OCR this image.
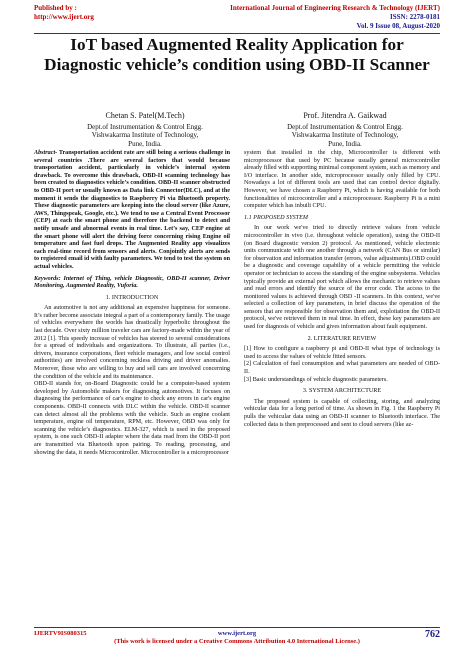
Published by :
http://www.ijert.org
International Journal of Engineering Research & Technology (IJERT)
ISSN: 2278-0181
Vol. 9 Issue 08, August-2020
IoT based Augmented Reality Application for Diagnostic vehicle’s condition using OBD-II Scanner
Chetan S. Patel(M.Tech)
Dept.of Instrumentation & Control Engg.
Vishwakarma Institute of Technology,
Pune, India.
Prof. Jitendra A. Gaikwad
Dept.of Instrumentation & Control Engg.
Vishwakarma Institute of Technology,
Pune, India.

Abstract- Transportation accident rate are still being a serious challenge in several countries .There are several factors that would because transportation accident, particularly in vehicle’s internal system drawback. To overcome this drawback, OBD-II scanning technology has been created to diagnostics vehicle’s condition. OBD-II scanner obstructed to OBD-II port or usually known as Data link Connector(DLC), and at the moment it sends the diagnostics to Raspberry Pi via Bluetooth property. These diagnostic parameters are keeping into the cloud server (like Azure, AWS, Thingspeak, Google, etc.). We tend to use a Central Event Processor (CEP) at each the smart phone and therefore the backend to detect and notify unsafe and abnormal events in real time. Let’s say, CEP engine at the smart phone will alert the driving force concerning rising Engine oil temperature and fast fuel drops. The Augmented Reality app visualizes each real-time record from sensors and alerts. Conjointly alerts are sends to registered email id with faulty parameters. We tend to test the system on actual vehicles.

Keywords: Internet of Thing, vehicle Diagnostic, OBD-II scanner, Driver Monitoring, Augmented Reality, Vuforia.

1. INTRODUCTION

An automotive is not any additional an expensive happiness for someone. It’s rather become associate integral a part of a contemporary family. The usage of vehicles everywhere the worlds has drastically hyperbolic throughout the last decade. Over sixty million traveler cars are factory-made within the year of 2012 [1]. This speedy increase of vehicles has steered to several considerations for a spread of individuals and organizations. To illustrate, all parties (i.e., drivers, insurance corporations, fleet vehicle managers, and low social control authorities) are involved concerning reckless driving and driver anomalies. Moreover, those who are willing to buy and sell cars are involved concerning the condition of the vehicle and its maintenance.

OBD-II stands for, on-Board Diagnostic could be a computer-based system developed by Automobile makers for diagnosing automotives. It focuses on diagnosing the performance of car's engine to check any errors in car's engine components. OBD-II connects with DLC within the vehicle. OBD-II scanner can detect almost all the problems with the vehicle. Such as engine coolant temperature, engine oil temperature, RPM, etc. However, OBD was only for scanning the vehicle’s diagnostics. ELM-327, which is used in the proposed system, is one such OBD-II adapter where the data read from the OBD-II port are transmitted via Bluetooth upon pairing. To reading, processing, and showing the data, it needs Microcontroller. Microcontroller is a microprocessor

system that installed in the chip, Microcontroller is different with microprocessor that used by PC because usually general microcontroller already filled with supporting minimal component system, such as memory and I/O interface. In another side, microprocessor usually only filled by CPU. Nowadays a lot of different tools are used that can control device digitally. However, we have chosen a Raspberry Pi, which is having available for both functionalities of microcontroller and a microprocessor. Raspberry Pi is a mini computer which has inbuilt CPU.

1.1 PROPOSED SYSTEM

In our work we've tried to directly retrieve values from vehicle microcontroller in vivo (i.e. throughout vehicle operation), using the OBD-II (on Board diagnostic version 2) protocol. As mentioned, vehicle electronic units communicate with one another through a network (CAN Bus or similar) for observation and information transfer (errors, value adjustments).OBD could be a diagnostic and coverage capability of a vehicle permitting the vehicle operator or technician to access the standing of the engine subsystems. Vehicles typically provide an external port which allows the mechanic to retrieve values and read errors and identify the source of the error code. The access to the monitored values is achieved through OBD -II scanners. In this context, we've selected a collection of key parameters, in brief discuss the operation of the sensors that are responsible for observation them and, exploitation the OBD-II protocol, we've retrieved them in real time. In effect, these key parameters are used for diagnosis of vehicle and gives information about fault equipment.

2. LITERATURE REVIEW

[1] How to configure a raspberry pi and OBD-II what type of technology is used to access the values of vehicle fitted sensors.

[2] Calculation of fuel consumption and what parameters are needed of OBD-II.

[3] Basic understandings of vehicle diagnostic parameters.

3. SYSTEM ARCHITECTURE

The proposed system is capable of collecting, storing, and analyzing vehicular data for a long period of time. As shown in Fig. 1 the Raspberry Pi pulls the vehicular data using an OBD-II scanner to Bluetooth interface. The collected data is then preprocessed and sent to cloud servers (like az-

IJERTV9IS080315	www.ijert.org
(This work is licensed under a Creative Commons Attribution 4.0 International License.)
762
